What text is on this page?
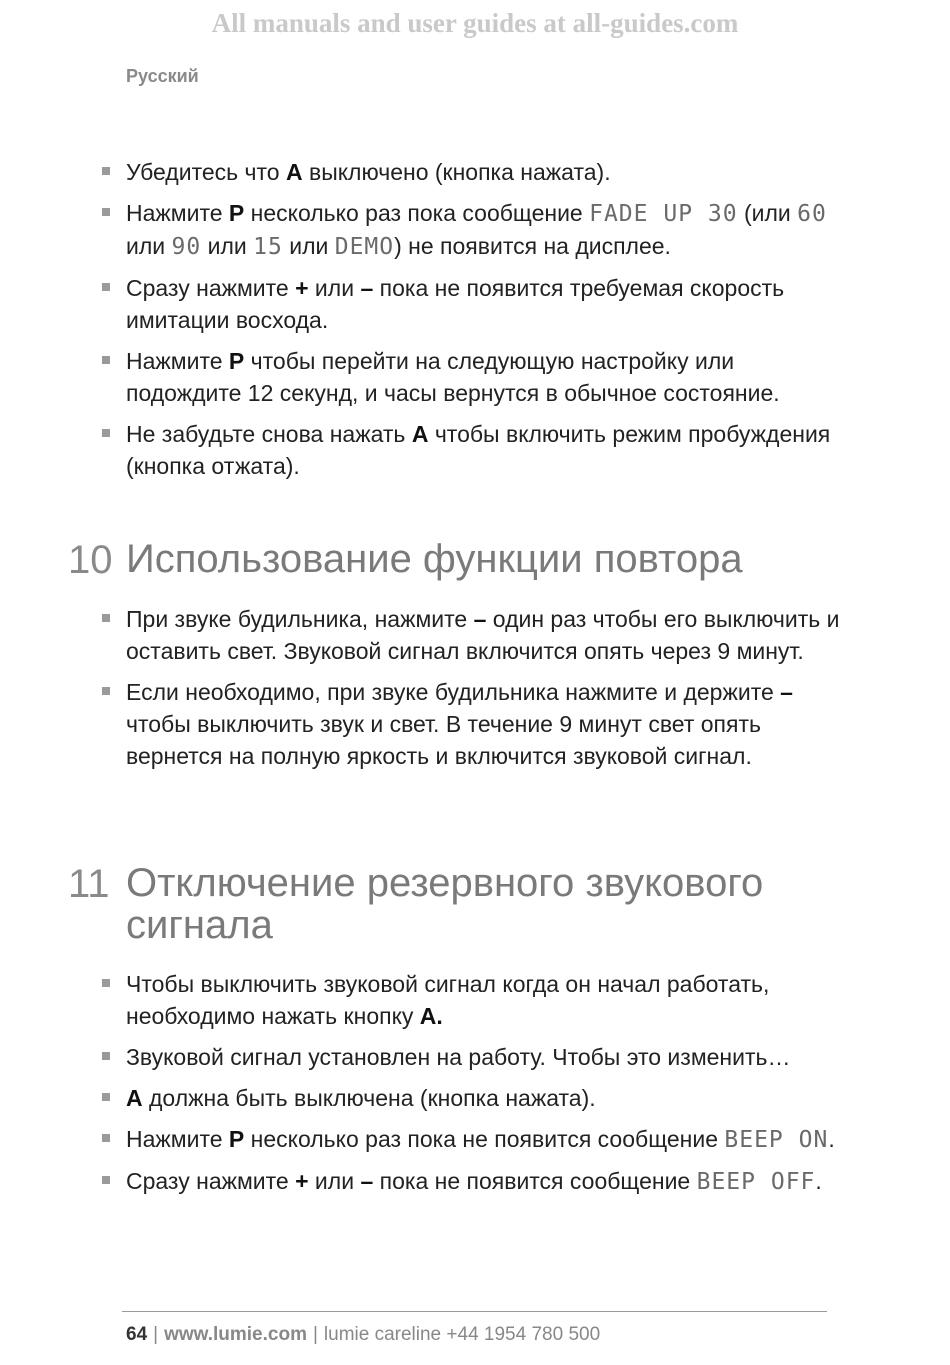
All manuals and user guides at all-guides.com
Русский
Убедитесь что A выключено (кнопка нажата).
Нажмите P несколько раз пока сообщение FADE UP 30 (или 60 или 90 или 15 или DEMO) не появится на дисплее.
Сразу нажмите + или – пока не появится требуемая скорость имитации восхода.
Нажмите P чтобы перейти на следующую настройку или подождите 12 секунд, и часы вернутся в обычное состояние.
Не забудьте снова нажать A чтобы включить режим пробуждения (кнопка отжата).
10 Использование функции повтора
При звуке будильника, нажмите – один раз чтобы его выключить и оставить свет. Звуковой сигнал включится опять через 9 минут.
Если необходимо, при звуке будильника нажмите и держите – чтобы выключить звук и свет. В течение 9 минут свет опять вернется на полную яркость и включится звуковой сигнал.
11 Отключение резервного звукового сигнала
Чтобы выключить звуковой сигнал когда он начал работать, необходимо нажать кнопку A.
Звуковой сигнал установлен на работу. Чтобы это изменить…
A должна быть выключена (кнопка нажата).
Нажмите P несколько раз пока не появится сообщение BEEP ON.
Сразу нажмите + или – пока не появится сообщение BEEP OFF.
64 | www.lumie.com | lumie careline +44 1954 780 500
